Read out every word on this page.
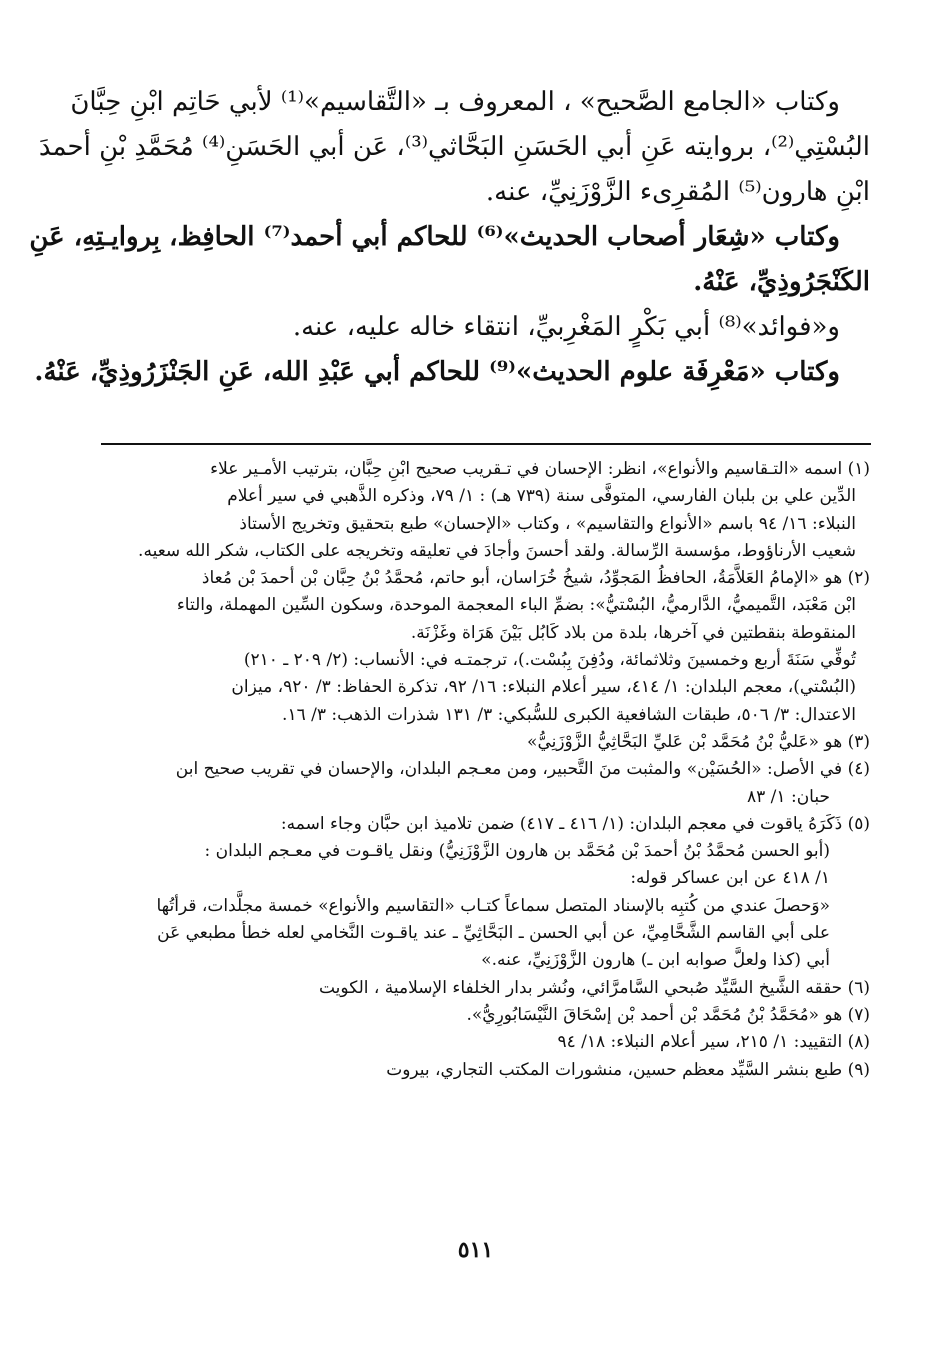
وكتاب «الجامع الصَّحيح» ، المعروف بـ «التَّقاسيم»⁽¹⁾ لأبي حَاتِم ابْنِ حِبَّانَ
البُسْتِي⁽²⁾، بروايته عَنِ أبي الحَسَنِ البَحَّاثي⁽³⁾، عَن أبي الحَسَنِ⁽⁴⁾ مُحَمَّدِ بْنِ أحمدَ
ابْنِ هارون⁽⁵⁾ المُقرِىء الزَّوْزَنِيِّ، عنه.
وكتاب «شِعَار أصحاب الحديث»⁽⁶⁾ للحاكم أبي أحمد⁽⁷⁾ الحافِظ، بِروايـتِهِ، عَنِ
الكَنْجَرُوذِيِّ، عَنْهُ.
و«فوائد»⁽⁸⁾ أبي بَكْرٍ المَغْرِبيِّ، انتقاء خاله عليه، عنه.
وكتاب «مَعْرِفَة علوم الحديث»⁽⁹⁾ للحاكم أبي عَبْدِ الله، عَنِ الجَنْزَرُوذِيِّ، عَنْهُ.
(١) اسمه «التـقاسيم والأنواع»، انظر: الإحسان في تـقريب صحيح ابْنِ حِبَّان، بترتيب الأمـير علاء
الدِّين علي بن بلبان الفارسي، المتوفَّى سنة (٧٣٩ هـ) : ١/ ٧٩، وذكره الذَّهبي في سير أعلام
النبلاء: ١٦/ ٩٤ باسم «الأنواع والتقاسيم» ، وكتاب «الإحسان» طبع بتحقيق وتخريج الأستاذ
شعيب الأرناؤوط، مؤسسة الرِّسالة. ولقد أحسنَ وأجادَ في تعليقه وتخريجه على الكتاب، شكر الله سعيه.
(٢) هو «الإمامُ العَلاَّمَةُ، الحافظُ المَجوِّدُ، شيخُ خُرَاسان، أبو حاتم، مُحمَّدُ بْنُ حِبَّان بْن أحمدَ بْن مُعاذ
ابْن مَعْبَد، التَّميميُّ، الدَّارميُّ، البُسْتيُّ»: بضمِّ الباء المعجمة الموحدة، وسكون السِّين المهملة، والتاء
المنقوطة بنقطتين في آخرها، بلدة من بلاد كَابُل بَيْنَ هَرَاة وغَزْنَة.
تُوفِّي سَنَةَ أربع وخمسينَ وثلاثمائة، ودُفِنَ بِبُسْت.)، ترجمتـه في: الأنساب: (٢/ ٢٠٩ ـ ٢١٠)
(البُسْتي)، معجم البلدان: ١/ ٤١٤، سير أعلام النبلاء: ١٦/ ٩٢، تذكرة الحفاظ: ٣/ ٩٢٠، ميزان
الاعتدال: ٣/ ٥٠٦، طبقات الشافعية الكبرى للسُّبكي: ٣/ ١٣١ شذرات الذهب: ٣/ ١٦.
(٣) هو «عَليُّ بْنُ مُحَمَّد بْن عَليِّ البَحَّاثِيُّ الزَّوْزَنِيُّ»
(٤) في الأصل: «الحُسَيْن» والمثبت منَ التَّحبير، ومن معـجم البلدان، والإحسان في تقريب صحيح ابن
حبان: ١/ ٨٣
(٥) ذَكَرَهُ ياقوت في معجم البلدان: (١/ ٤١٦ ـ ٤١٧) ضمن تلاميذ ابن حبَّان وجاء اسمه:
(أبو الحسن مُحمَّدُ بْنُ أحمدَ بْن مُحَمَّد بن هارون الزَّوْزَنِيُّ) ونقل ياقـوت في معـجم البلدان :
١/ ٤١٨ عن ابن عساكر قوله:
«وَحصلَ عندي من كُتبِه بالإسناد المتصل سماعاً كتـاب «التقاسيم والأنواع» خمسة مجلَّدات، قرأتُها
على أبي القاسم الشَّحَّامِيِّ، عن أبي الحسن ـ البَحَّاثِيِّ ـ عند ياقـوت النَّخامي لعله خطأ مطبعي عَن
أبي (كذا ولعلَّ صوابه ابن ـ) هارون الزَّوْزَنِيِّ، عنه.»
(٦) حققه الشَّيخ السَّيِّد صُبحي السَّامرَّائي، ونُشر بدار الخلفاء الإسلامية ، الكويت
(٧) هو «مُحَمَّدُ بْنُ مُحَمَّد بْن أحمد بْن إسْحَاقَ النَّيْسَابُورِيُّ».
(٨) التقييد: ١/ ٢١٥، سير أعلام النبلاء: ١٨/ ٩٤
(٩) طبع بنشر السَّيِّد معظم حسين، منشورات المكتب التجاري، بيروت
٥١١
